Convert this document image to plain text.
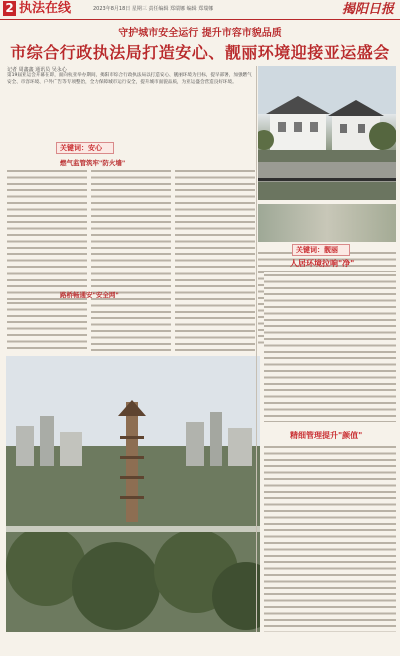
2 执法在线	2023年8月18日 星期三 责任编辑 郑瑞娜 编辑 郑瑞娜	揭阳日报
守护城市安全运行 提升市容市貌品质
市综合行政执法局打造安心、靓丽环境迎接亚运盛会
记者 周鑫鑫 通讯员 吴永心
第19届亚运会开幕在即，面向杭亚举办期间，揭阳市综合行政执法局以打造安心、靓丽环境为目标，提早部署，加强燃气安全、市容环境、户外广告等专项整治，全力保障城市运行安全，提升城市面貌品质，为亚运盛会营造良好环境。
关键词：安心
燃气监管筑牢"防火墙"
路桥畅通安"安全网"
关键词：靓丽
人居环境拉响"净"
精细管理提升"颜值"
